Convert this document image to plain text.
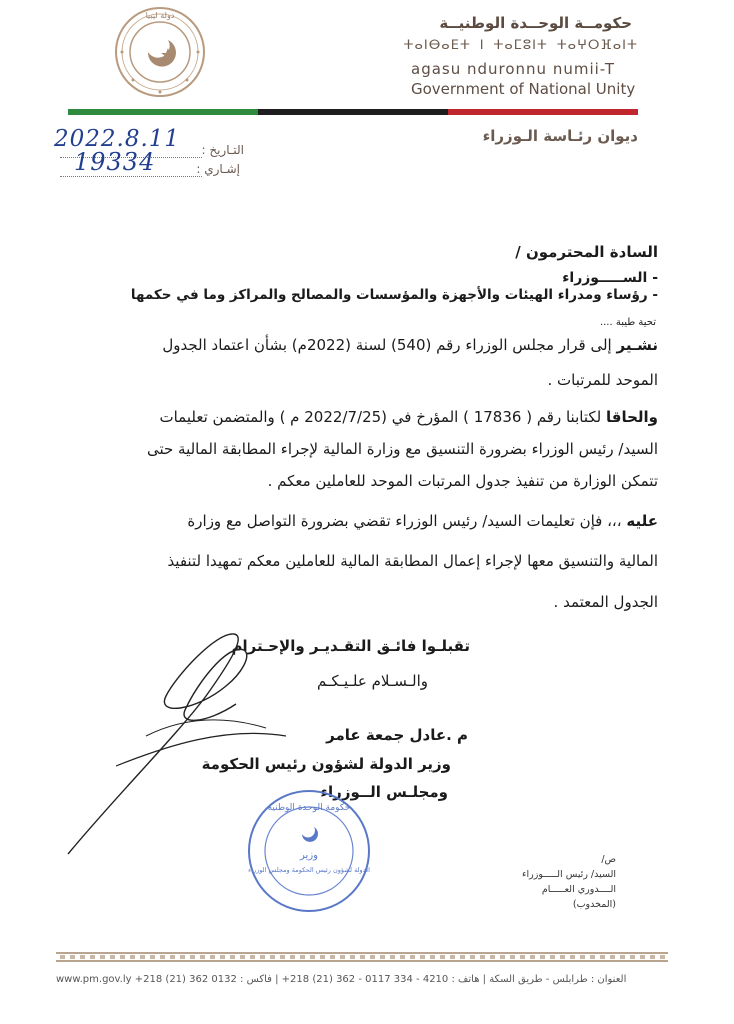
دولة ليبيا	حكومــة الوحــدة الوطنيــة
ⵜⴰⵏⴱⴰⴹⵜ ⵏ ⵜⴰⵎⵓⵏⵜ ⵜⴰⵖⵔⴼⴰⵏⵜ
agasu nduronnu numii-T
Government of National Unity
ديوان رئـاسة الـوزراء
التـاريخ :
إشـاري :
2022.8.11
19334
السادة المحترمون /
- الســـــوزراء
- رؤساء ومدراء الهيئات والأجهزة والمؤسسات والمصالح والمراكز وما في حكمها
تحية طيبة ....
نشـير إلى قرار مجلس الوزراء رقم (540) لسنة (2022م) بشأن اعتماد الجدول
الموحد للمرتبات .
والحاقا لكتابنا رقم ( 17836 ) المؤرخ في (2022/7/25 م ) والمتضمن تعليمات
السيد/ رئيس الوزراء بضرورة التنسيق مع وزارة المالية لإجراء المطابقة المالية حتى
تتمكن الوزارة من تنفيذ جدول المرتبات الموحد للعاملين معكم .
عليه ،،، فإن تعليمات السيد/ رئيس الوزراء تقضي بضرورة التواصل مع وزارة
المالية والتنسيق معها لإجراء إعمال المطابقة المالية للعاملين معكم تمهيدا لتنفيذ
الجدول المعتمد .
تقبلـوا فائـق التقـديـر والإحـترام
والـسـلام علـيـكـم
م .عادل جمعة عامر
وزير الدولة لشؤون رئيس الحكومة
ومجلـس الــوزراء
حكومة الوحدة الوطنية
وزير
الدولة لشؤون رئيس الحكومة ومجلس الوزراء
ص/
السيد/ رئيس الـــــوزراء
الــــدوري العـــــام
(المخدوب)
العنوان : طرابلس - طريق السكة | هاتف : 4210 - 334 0117 - 362 (21) 218+ | فاكس : 0132 362 (21) 218+ www.pm.gov.ly
